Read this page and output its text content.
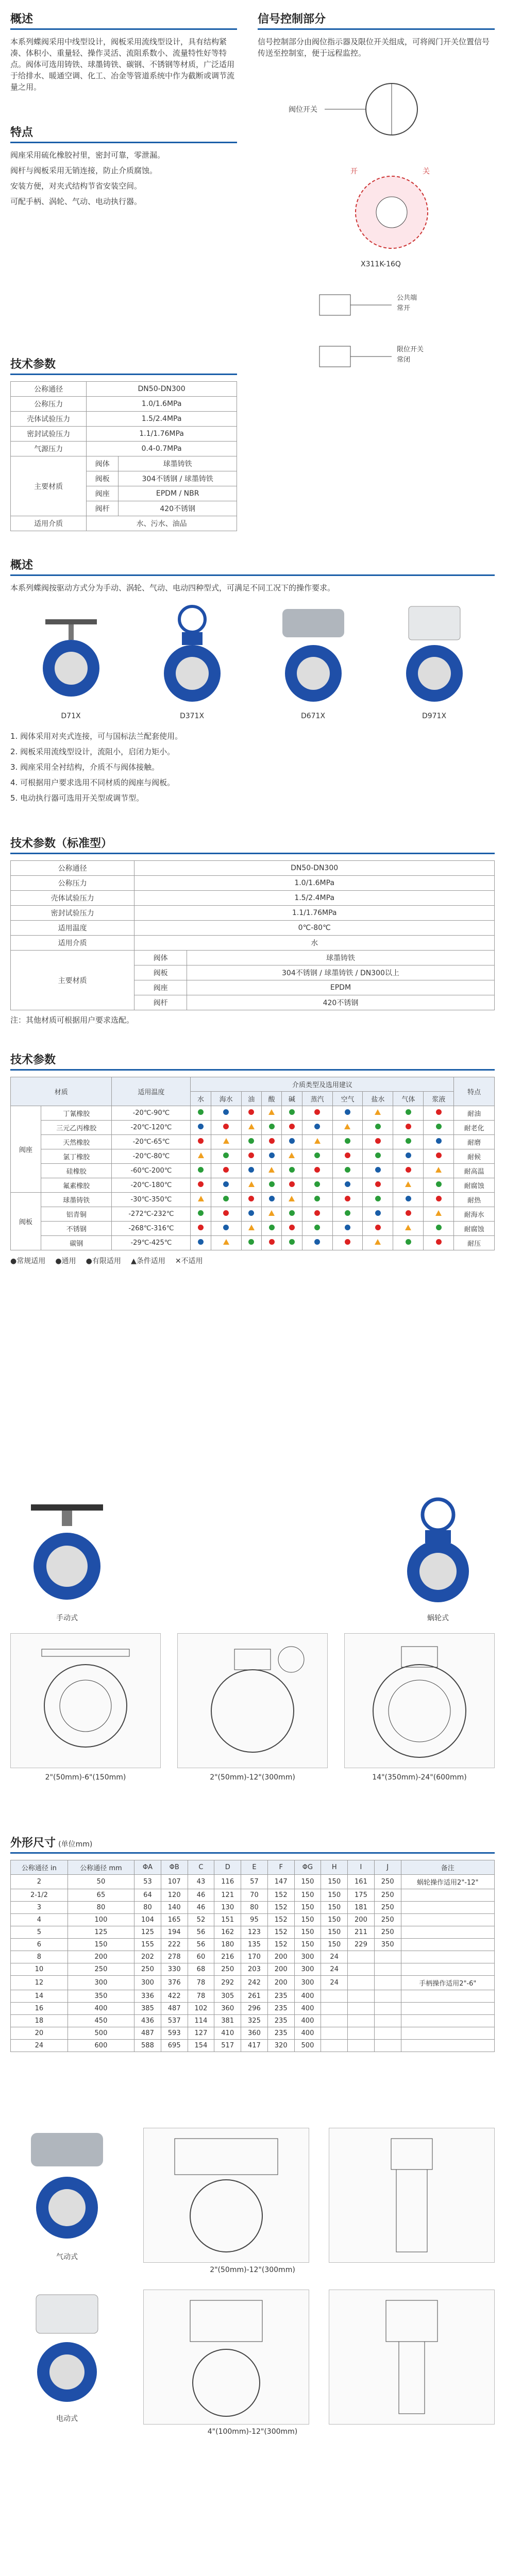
概述

本系列蝶阀采用中线型设计，阀板采用流线型设计，具有结构紧凑、体积小、重量轻、操作灵活、流阻系数小、流量特性好等特点。阀体可选用铸铁、球墨铸铁、碳钢、不锈钢等材质，广泛适用于给排水、暖通空调、化工、冶金等管道系统中作为截断或调节流量之用。

特点

阀座采用硫化橡胶衬里，密封可靠，零泄漏。

阀杆与阀板采用无销连接，防止介质腐蚀。

安装方便，对夹式结构节省安装空间。

可配手柄、涡轮、气动、电动执行器。

信号控制部分

信号控制部分由阀位指示器及限位开关组成，可将阀门开关位置信号传送至控制室，便于远程监控。

阀位开关
X311K-16Q
开	关
公共端
常开
限位开关
常闭
技术参数
公称通径	DN50-DN300	
公称压力	1.0/1.6MPa	
壳体试验压力	1.5/2.4MPa	
密封试验压力	1.1/1.76MPa	
气源压力	0.4-0.7MPa	
主要材质	阀体	球墨铸铁
	阀板	304不锈钢 / 球墨铸铁
	阀座	EPDM / NBR
	阀杆	420不锈钢
适用介质	水、污水、油品	
概述

本系列蝶阀按驱动方式分为手动、涡轮、气动、电动四种型式，可满足不同工况下的操作要求。

D71X	D371X	D671X	D971X

1. 阀体采用对夹式连接，可与国标法兰配套使用。

2. 阀板采用流线型设计，流阻小，启闭力矩小。

3. 阀座采用全衬结构，介质不与阀体接触。

4. 可根据用户要求选用不同材质的阀座与阀板。

5. 电动执行器可选用开关型或调节型。

技术参数（标准型）
公称通径	DN50-DN300	
公称压力	1.0/1.6MPa	
壳体试验压力	1.5/2.4MPa	
密封试验压力	1.1/1.76MPa	
适用温度	0℃-80℃	
适用介质	水	
主要材质	阀体	球墨铸铁
	阀板	304不锈钢 / 球墨铸铁 / DN300以上
	阀座	EPDM
	阀杆	420不锈钢

注：其他材质可根据用户要求选配。

技术参数
材质		适用温度	介质类型及选用建议										特点
			水	海水	油	酸	碱	蒸汽	空气	盐水	气体	浆液	
阀座	丁氰橡胶	-20℃-90℃											耐油
	三元乙丙橡胶	-20℃-120℃											耐老化
	天然橡胶	-20℃-65℃											耐磨
	氯丁橡胶	-20℃-80℃											耐候
	硅橡胶	-60℃-200℃											耐高温
	氟素橡胶	-20℃-180℃											耐腐蚀
阀板	球墨铸铁	-30℃-350℃											耐热
	铝青铜	-272℃-232℃											耐海水
	不锈钢	-268℃-316℃											耐腐蚀
	碳钢	-29℃-425℃											耐压
●常规适用 ●通用 ●有限适用 ▲条件适用 ✕不适用
手动式	蜗轮式
2"(50mm)-6"(150mm)	2"(50mm)-12"(300mm)	14"(350mm)-24"(600mm)
外形尺寸 (单位mm)
公称通径 in	公称通径 mm	ΦA	ΦB	C	D	E	F	ΦG	H	I	J	备注
2	50	53	107	43	116	57	147	150	150	161	250	蜗轮操作适用2"-12"
2-1/2	65	64	120	46	121	70	152	150	150	175	250	
3	80	80	140	46	130	80	152	150	150	181	250	
4	100	104	165	52	151	95	152	150	150	200	250	
5	125	125	194	56	162	123	152	150	150	211	250	
6	150	155	222	56	180	135	152	150	150	229	350	
8	200	202	278	60	216	170	200	300	24			
10	250	250	330	68	250	203	200	300	24			
12	300	300	376	78	292	242	200	300	24			手柄操作适用2"-6"
14	350	336	422	78	305	261	235	400				
16	400	385	487	102	360	296	235	400				
18	450	436	537	114	381	325	235	400				
20	500	487	593	127	410	360	235	400				
24	600	588	695	154	517	417	320	500				
气动式
2"(50mm)-12"(300mm)
电动式
4"(100mm)-12"(300mm)
